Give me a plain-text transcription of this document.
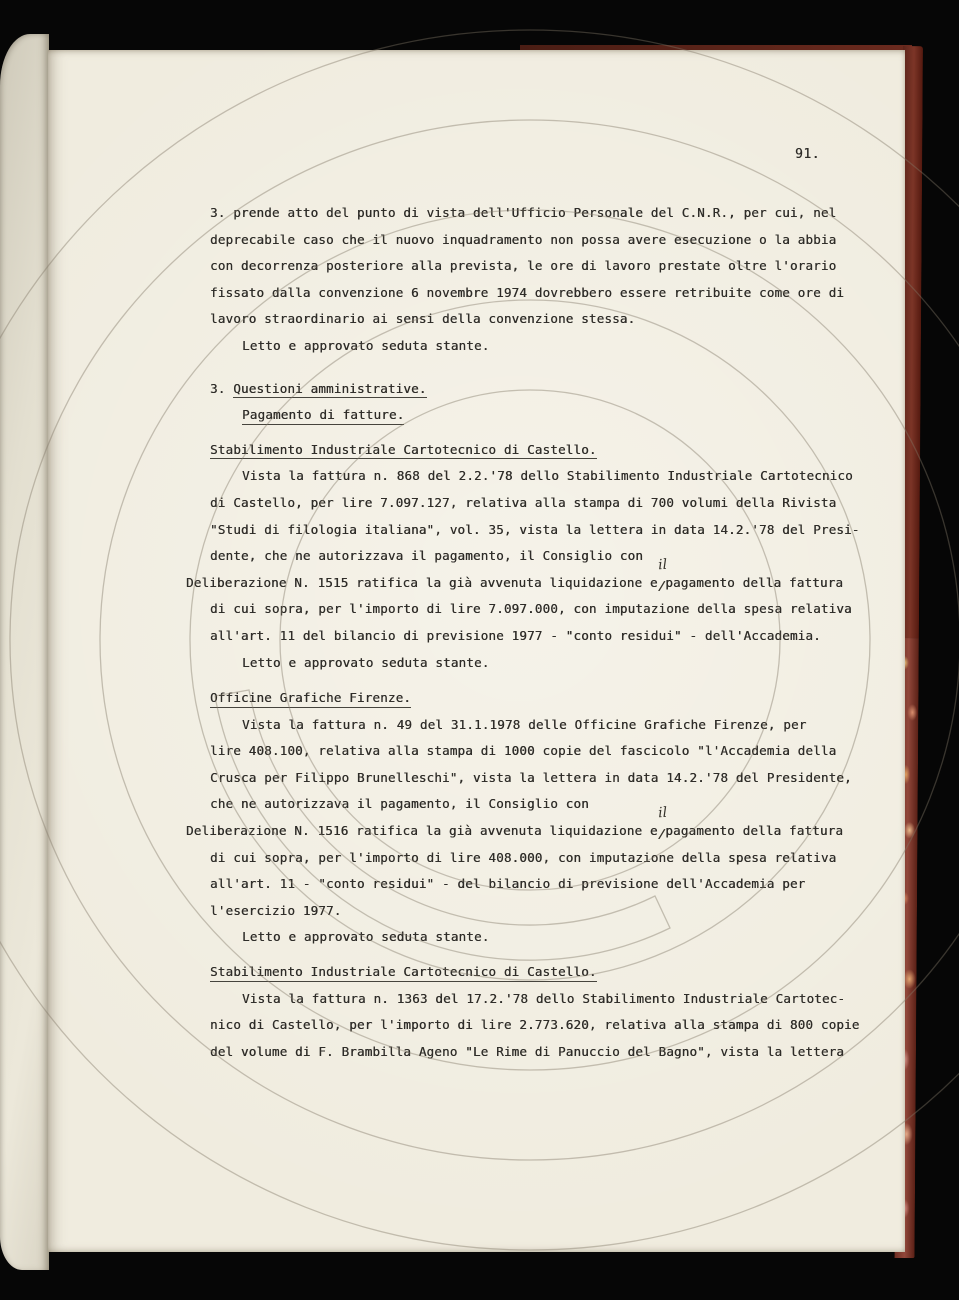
91.
3. prende atto del punto di vista dell'Ufficio Personale del C.N.R., per cui, nel
deprecabile caso che il nuovo inquadramento non possa avere esecuzione o la abbia
con decorrenza posteriore alla prevista, le ore di lavoro prestate oltre l'orario
fissato dalla convenzione 6 novembre 1974 dovrebbero essere retribuite come ore di
lavoro straordinario ai sensi della convenzione stessa.
Letto e approvato seduta stante.
3. Questioni amministrative.
Pagamento di fatture.
Stabilimento Industriale Cartotecnico di Castello.
Vista la fattura n. 868 del 2.2.'78 dello Stabilimento Industriale Cartotecnico
di Castello, per lire 7.097.127, relativa alla stampa di 700 volumi della Rivista
"Studi di filologia italiana", vol. 35, vista la lettera in data 14.2.'78 del Presi-
dente, che ne autorizzava il pagamento, il Consiglio con
Deliberazione N. 1515 ratifica la già avvenuta liquidazione e/
il
pagamento della fattura
di cui sopra, per l'importo di lire 7.097.000, con imputazione della spesa relativa
all'art. 11 del bilancio di previsione 1977 - "conto residui" - dell'Accademia.
Letto e approvato seduta stante.
Officine Grafiche Firenze.
Vista la fattura n. 49 del 31.1.1978 delle Officine Grafiche Firenze, per
lire 408.100, relativa alla stampa di 1000 copie del fascicolo "l'Accademia della
Crusca per Filippo Brunelleschi", vista la lettera in data 14.2.'78 del Presidente,
che ne autorizzava il pagamento, il Consiglio con
Deliberazione N. 1516 ratifica la già avvenuta liquidazione e/
il
pagamento della fattura
di cui sopra, per l'importo di lire 408.000, con imputazione della spesa relativa
all'art. 11 - "conto residui" - del bilancio di previsione dell'Accademia per
l'esercizio 1977.
Letto e approvato seduta stante.
Stabilimento Industriale Cartotecnico di Castello.
Vista la fattura n. 1363 del 17.2.'78 dello Stabilimento Industriale Cartotec-
nico di Castello, per l'importo di lire 2.773.620, relativa alla stampa di 800 copie
del volume di F. Brambilla Ageno "Le Rime di Panuccio del Bagno", vista la lettera
